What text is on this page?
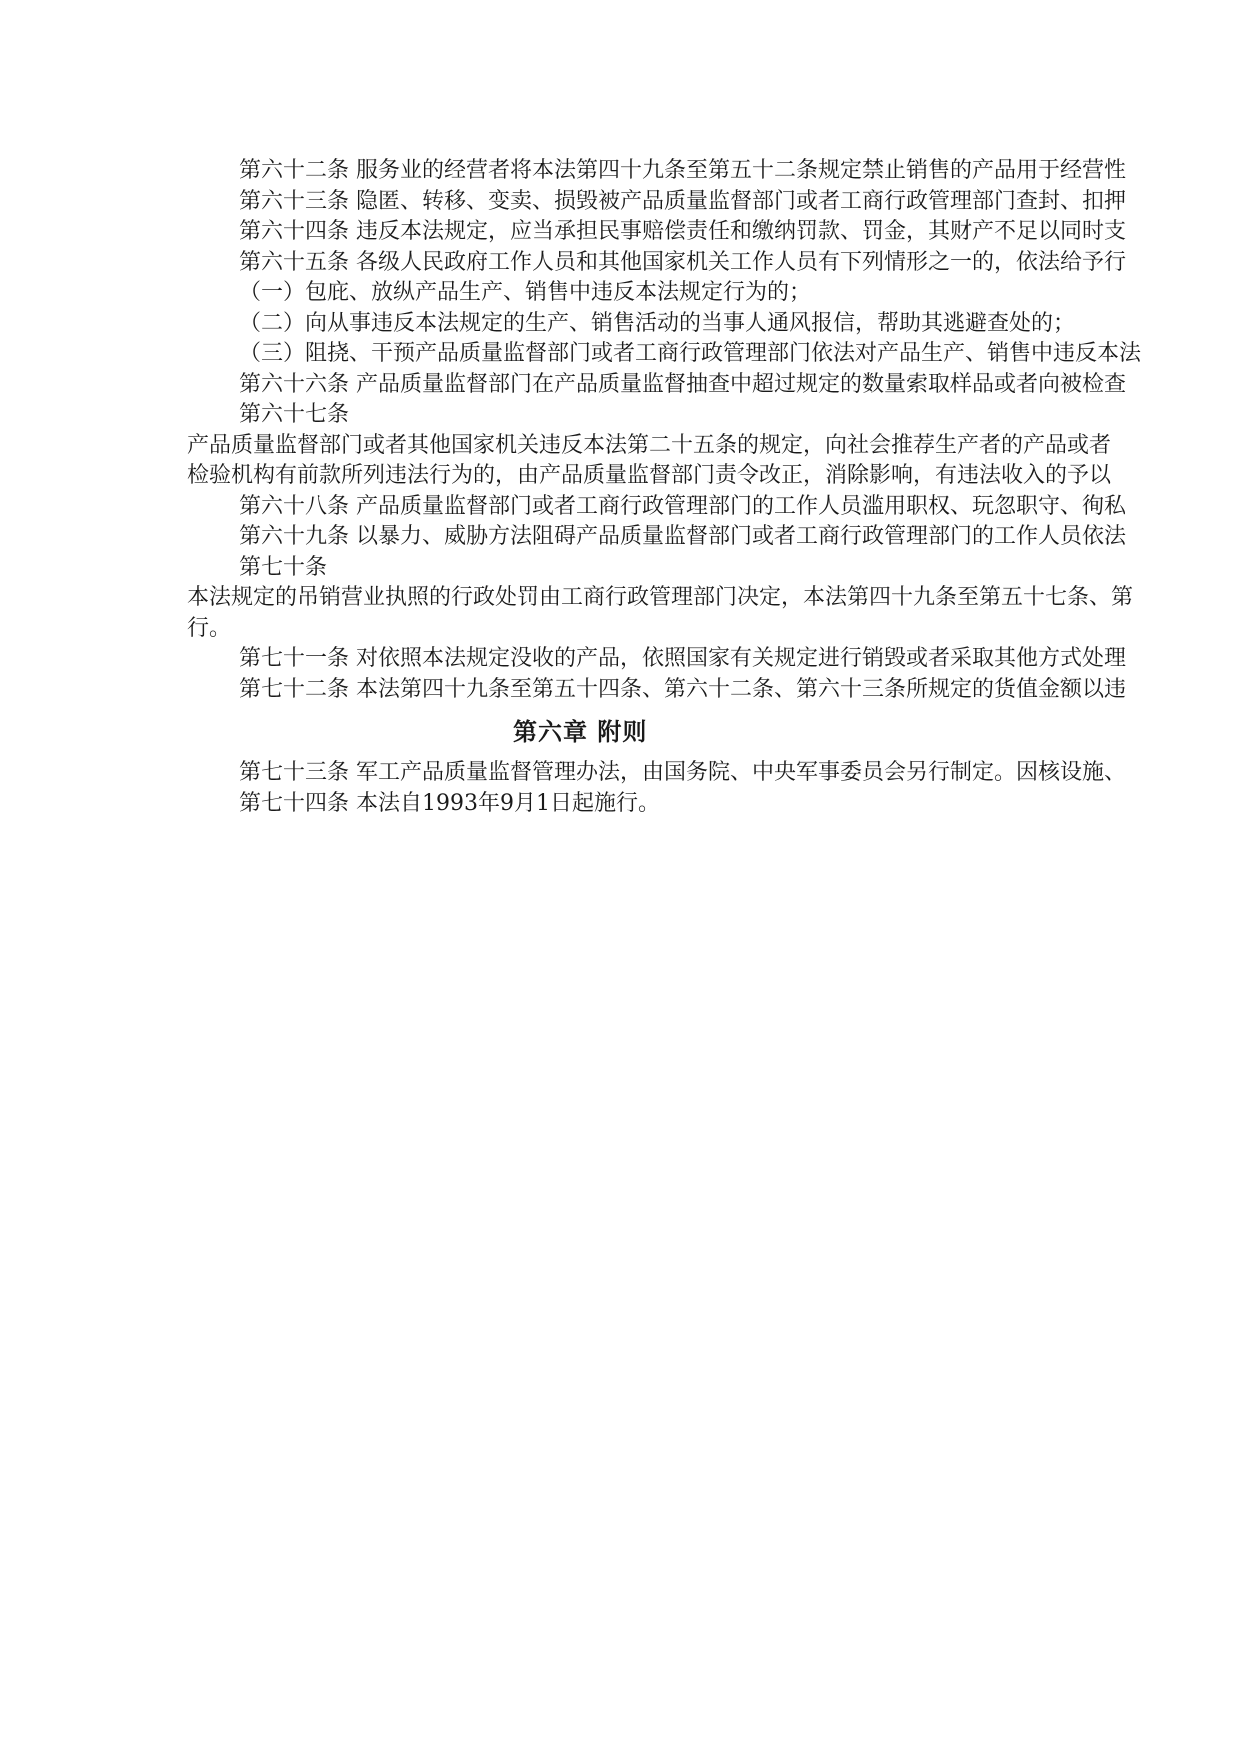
第六十二条 服务业的经营者将本法第四十九条至第五十二条规定禁止销售的产品用于经营性

第六十三条 隐匿、转移、变卖、损毁被产品质量监督部门或者工商行政管理部门查封、扣押

第六十四条 违反本法规定，应当承担民事赔偿责任和缴纳罚款、罚金，其财产不足以同时支

第六十五条 各级人民政府工作人员和其他国家机关工作人员有下列情形之一的，依法给予行

（一）包庇、放纵产品生产、销售中违反本法规定行为的；

（二）向从事违反本法规定的生产、销售活动的当事人通风报信，帮助其逃避查处的；

（三）阻挠、干预产品质量监督部门或者工商行政管理部门依法对产品生产、销售中违反本法

第六十六条 产品质量监督部门在产品质量监督抽查中超过规定的数量索取样品或者向被检查

第六十七条

产品质量监督部门或者其他国家机关违反本法第二十五条的规定，向社会推荐生产者的产品或者

检验机构有前款所列违法行为的，由产品质量监督部门责令改正，消除影响，有违法收入的予以

第六十八条 产品质量监督部门或者工商行政管理部门的工作人员滥用职权、玩忽职守、徇私

第六十九条 以暴力、威胁方法阻碍产品质量监督部门或者工商行政管理部门的工作人员依法

第七十条

本法规定的吊销营业执照的行政处罚由工商行政管理部门决定，本法第四十九条至第五十七条、第

行。

第七十一条 对依照本法规定没收的产品，依照国家有关规定进行销毁或者采取其他方式处理

第七十二条 本法第四十九条至第五十四条、第六十二条、第六十三条所规定的货值金额以违

第六章 附则

第七十三条 军工产品质量监督管理办法，由国务院、中央军事委员会另行制定。因核设施、

第七十四条 本法自1993年9月1日起施行。
